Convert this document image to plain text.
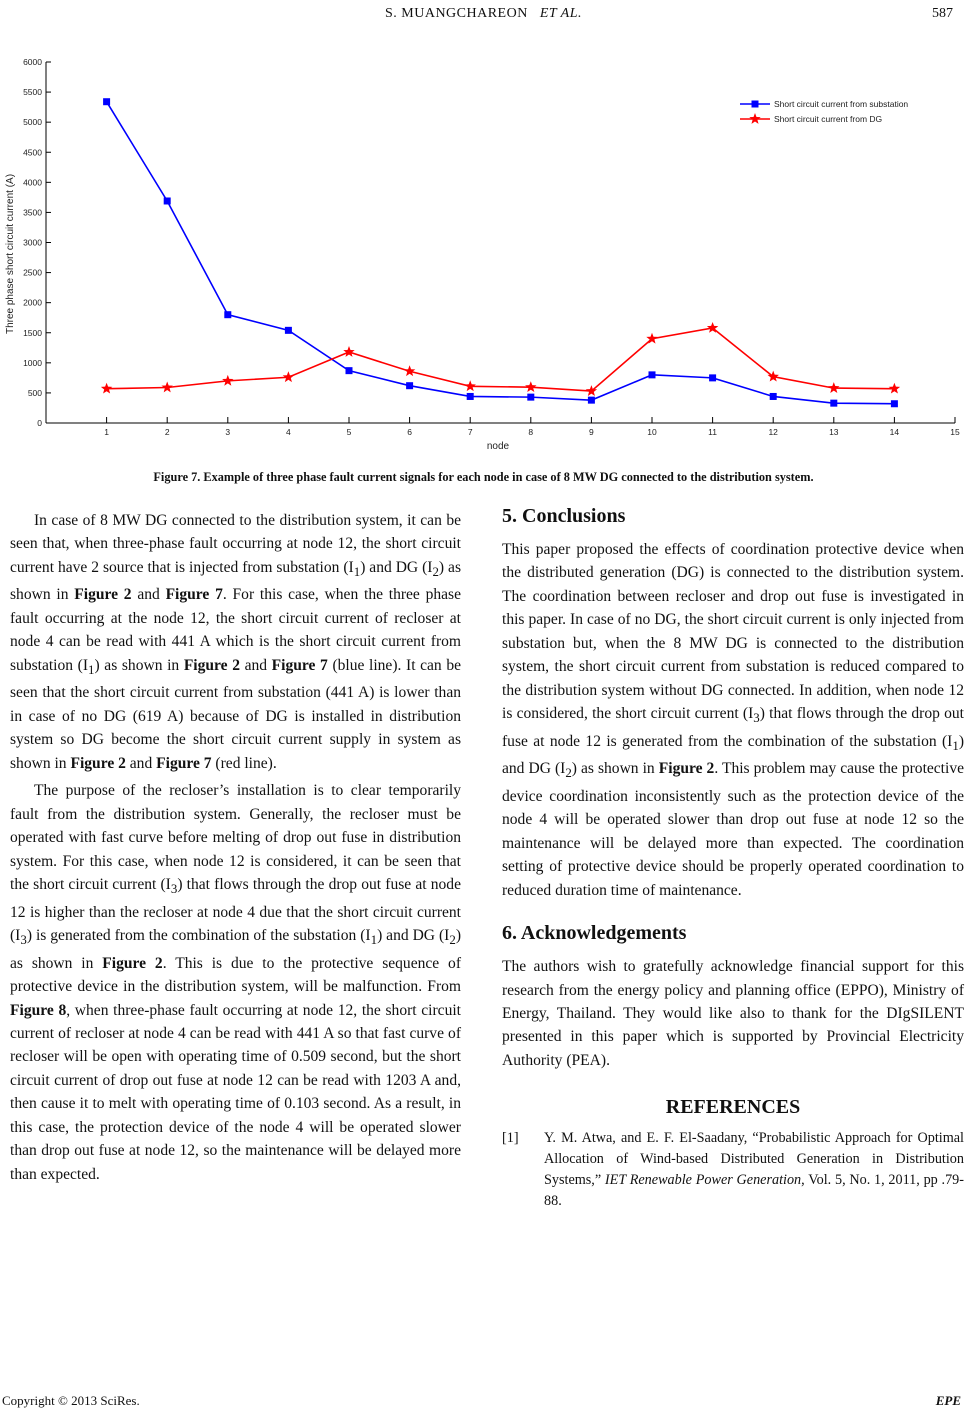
S. MUANGCHAREON ET AL.	587
0
500
1000
1500
2000
2500
3000
3500
4000
4500
5000
5500
6000
1	2	3	4	5	6	7	8	9	10	11	12	13	14	15
Three phase short circuit current (A)
node
Short circuit current from substation
Short circuit current from DG
Figure 7. Example of three phase fault current signals for each node in case of 8 MW DG connected to the distribution system.

In case of 8 MW DG connected to the distribution system, it can be seen that, when three-phase fault occurring at node 12, the short circuit current have 2 source that is injected from substation $(I_1)$ and DG $(I_2)$ as shown in Figure 2 and Figure 7. For this case, when the three phase fault occurring at the node 12, the short circuit current of recloser at node 4 can be read with 441 A which is the short circuit current from substation $(I_1)$ as shown in Figure 2 and Figure 7 (blue line). It can be seen that the short circuit current from substation (441 A) is lower than in case of no DG (619 A) because of DG is installed in distribution system so DG become the short circuit current supply in system as shown in Figure 2 and Figure 7 (red line).

The purpose of the recloser’s installation is to clear temporarily fault from the distribution system. Generally, the recloser must be operated with fast curve before melting of drop out fuse in distribution system. For this case, when node 12 is considered, it can be seen that the short circuit current $(I_3)$ that flows through the drop out fuse at node 12 is higher than the recloser at node 4 due that the short circuit current $(I_3)$ is generated from the combination of the substation $(I_1)$ and DG $(I_2)$ as shown in Figure 2. This is due to the protective sequence of protective device in the distribution system, will be malfunction. From Figure 8, when three-phase fault occurring at node 12, the short circuit current of recloser at node 4 can be read with 441 A so that fast curve of recloser will be open with operating time of 0.509 second, but the short circuit current of drop out fuse at node 12 can be read with 1203 A and, then cause it to melt with operating time of 0.103 second. As a result, in this case, the protection device of the node 4 will be operated slower than drop out fuse at node 12, so the maintenance will be delayed more than expected.

5. Conclusions

This paper proposed the effects of coordination protective device when the distributed generation (DG) is connected to the distribution system. The coordination between recloser and drop out fuse is investigated in this paper. In case of no DG, the short circuit current is only injected from substation but, when the 8 MW DG is connected to the distribution system, the short circuit current from substation is reduced compared to the distribution system without DG connected. In addition, when node 12 is considered, the short circuit current $(I_3)$ that flows through the drop out fuse at node 12 is generated from the combination of the substation $(I_1)$ and DG $(I_2)$ as shown in Figure 2. This problem may cause the protective device coordination inconsistently such as the protection device of the node 4 will be operated slower than drop out fuse at node 12 so the maintenance will be delayed more than expected. The coordination setting of protective device should be properly operated coordination to reduced duration time of maintenance.

6. Acknowledgements

The authors wish to gratefully acknowledge financial support for this research from the energy policy and planning office (EPPO), Ministry of Energy, Thailand. They would like also to thank for the DIgSILENT presented in this paper which is supported by Provincial Electricity Authority (PEA).

REFERENCES
[1]	Y. M. Atwa, and E. F. El-Saadany, “Probabilistic Approach for Optimal Allocation of Wind-based Distributed Generation in Distribution Systems,” IET Renewable Power Generation, Vol. 5, No. 1, 2011, pp .79-88.
Copyright © 2013 SciRes.	EPE
